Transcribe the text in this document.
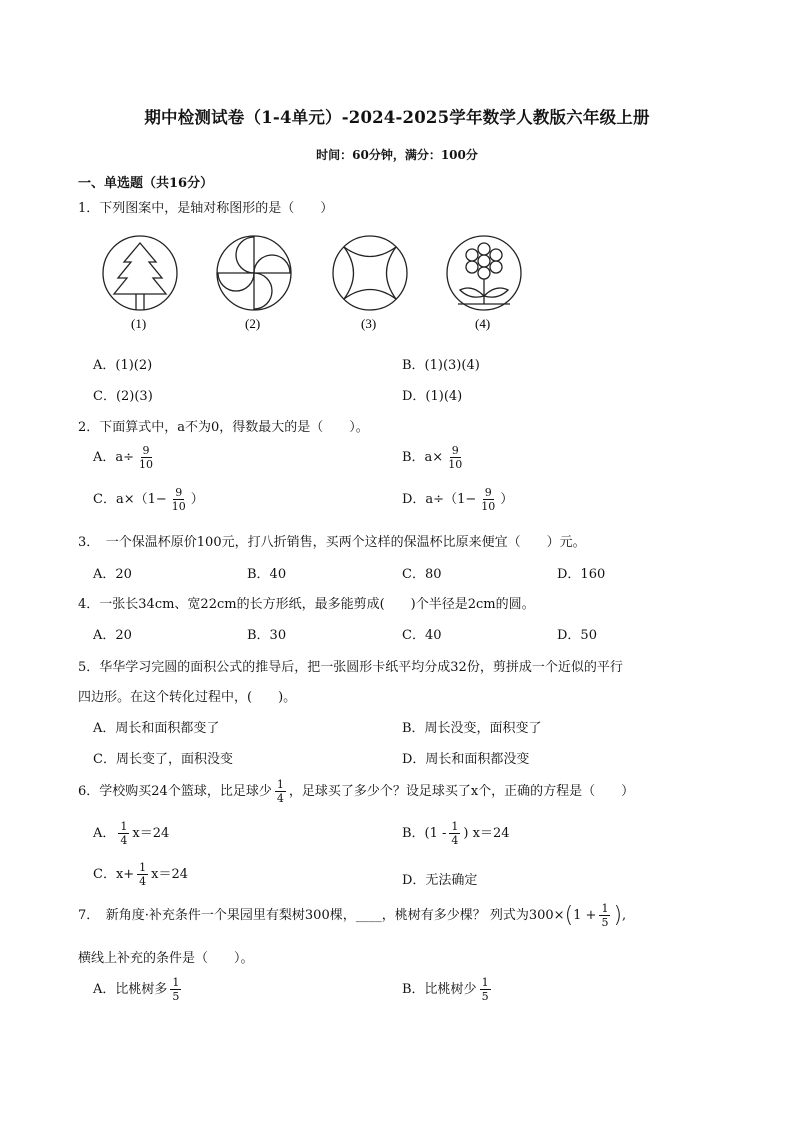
期中检测试卷（1-4单元）-2024-2025学年数学人教版六年级上册
时间：60分钟，满分：100分
一、单选题（共16分）
1．下列图案中，是轴对称图形的是（　　）
(1)	(2)	(3)	(4)
A．(1)(2)	B．(1)(3)(4)
C．(2)(3)	D．(1)(4)
2．下面算式中，a不为0，得数最大的是（　　）。
A．$a\div \frac{9}{10}$	B．$a\times \frac{9}{10}$
C．$a\times(1- \frac{9}{10}$ ）	D．$a\div(1- \frac{9}{10}$ ）
3．　一个保温杯原价100元，打八折销售，买两个这样的保温杯比原来便宜（　　）元。
A．20	B．40	C．80	D．160
4．一张长34cm、宽22cm的长方形纸，最多能剪成(　　)个半径是2cm的圆。
A．20	B．30	C．40	D．50
5．华华学习完圆的面积公式的推导后，把一张圆形卡纸平均分成32份，剪拼成一个近似的平行
四边形。在这个转化过程中，(　　)。
A．周长和面积都变了	B．周长没变，面积变了
C．周长变了，面积没变	D．周长和面积都没变
6．学校购买24个篮球，比足球少 $\frac{1}{4}$ ，足球买了多少个？设足球买了x个，正确的方程是（　　）
A． $\frac{1}{4} x=24$	B．($1 - \frac{1}{4}$ ) x＝24
C．$x+ \frac{1}{4} x=24$	D．无法确定
7．　新角度·补充条件一个果园里有梨树300棵，____，桃树有多少棵？ 列式为$300\times(1 + \frac{1}{5}$ ),
横线上补充的条件是（　　）。
A．比桃树多 $\frac{1}{5}$	B．比桃树少 $\frac{1}{5}$
